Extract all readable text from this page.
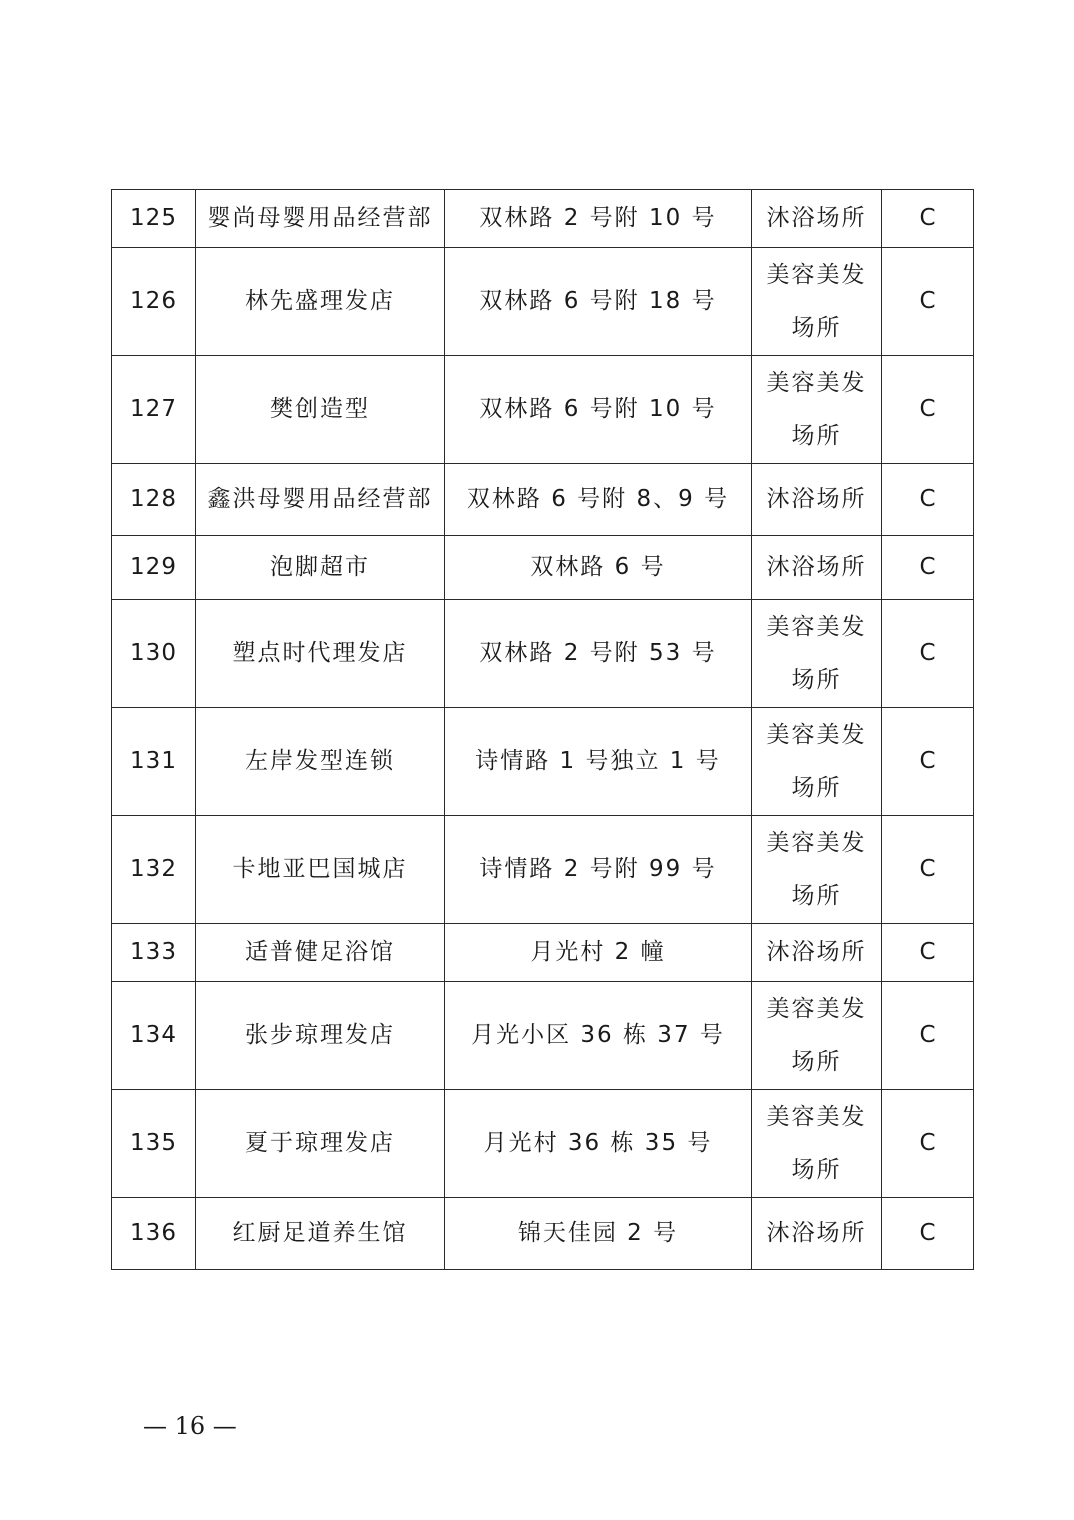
125	婴尚母婴用品经营部	双林路 2 号附 10 号	沐浴场所	C
126	林先盛理发店	双林路 6 号附 18 号	美容美发场所	C
127	樊创造型	双林路 6 号附 10 号	美容美发场所	C
128	鑫洪母婴用品经营部	双林路 6 号附 8、9 号	沐浴场所	C
129	泡脚超市	双林路 6 号	沐浴场所	C
130	塑点时代理发店	双林路 2 号附 53 号	美容美发场所	C
131	左岸发型连锁	诗情路 1 号独立 1 号	美容美发场所	C
132	卡地亚巴国城店	诗情路 2 号附 99 号	美容美发场所	C
133	适普健足浴馆	月光村 2 幢	沐浴场所	C
134	张步琼理发店	月光小区 36 栋 37 号	美容美发场所	C
135	夏于琼理发店	月光村 36 栋 35 号	美容美发场所	C
136	红厨足道养生馆	锦天佳园 2 号	沐浴场所	C
— 16 —
